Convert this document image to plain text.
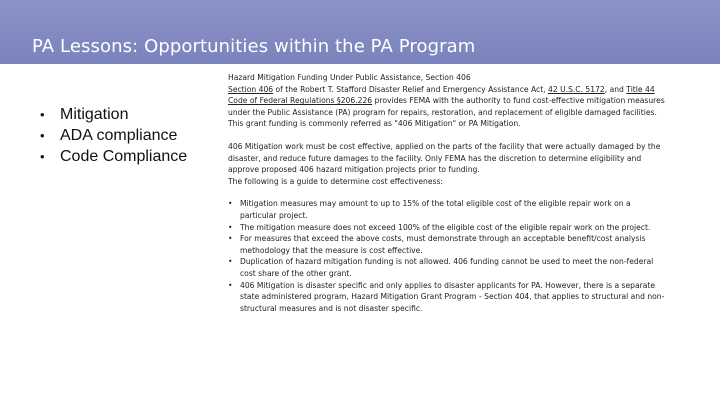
PA Lessons: Opportunities within the PA Program
• Mitigation
• ADA compliance
• Code Compliance

Hazard Mitigation Funding Under Public Assistance, Section 406

Section 406 of the Robert T. Stafford Disaster Relief and Emergency Assistance Act, 42 U.S.C. 5172, and Title 44 Code of Federal Regulations §206.226 provides FEMA with the authority to fund cost-effective mitigation measures under the Public Assistance (PA) program for repairs, restoration, and replacement of eligible damaged facilities. This grant funding is commonly referred as "406 Mitigation" or PA Mitigation.

406 Mitigation work must be cost effective, applied on the parts of the facility that were actually damaged by the disaster, and reduce future damages to the facility. Only FEMA has the discretion to determine eligibility and approve proposed 406 hazard mitigation projects prior to funding.

The following is a guide to determine cost effectiveness:

• Mitigation measures may amount to up to 15% of the total eligible cost of the eligible repair work on a particular project.
• The mitigation measure does not exceed 100% of the eligible cost of the eligible repair work on the project.
• For measures that exceed the above costs, must demonstrate through an acceptable benefit/cost analysis methodology that the measure is cost effective.
• Duplication of hazard mitigation funding is not allowed. 406 funding cannot be used to meet the non-federal cost share of the other grant.
• 406 Mitigation is disaster specific and only applies to disaster applicants for PA. However, there is a separate state administered program, Hazard Mitigation Grant Program - Section 404, that applies to structural and non-structural measures and is not disaster specific.
